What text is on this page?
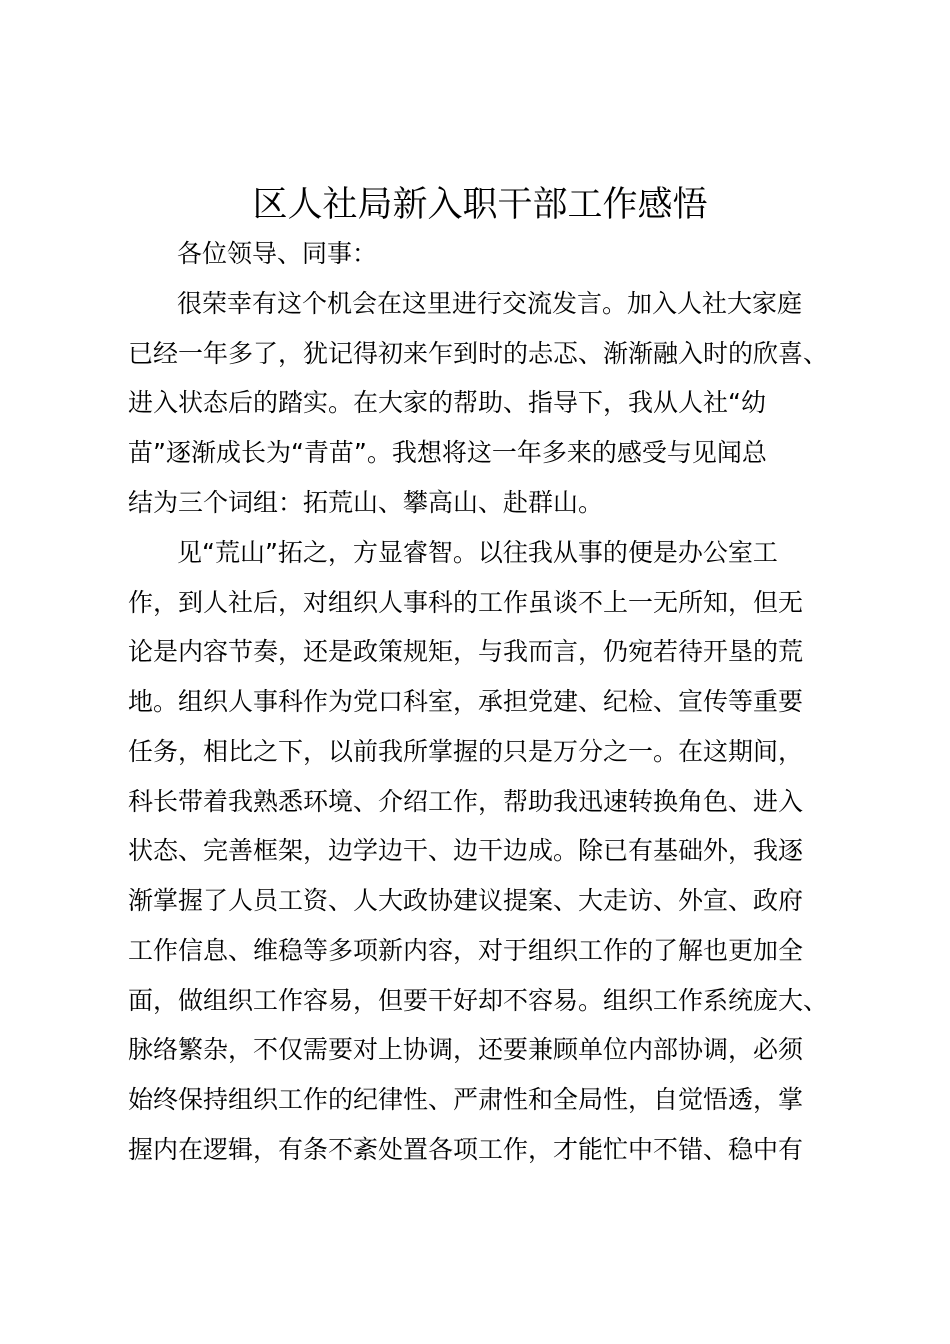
区人社局新入职干部工作感悟
各位领导、同事：
很荣幸有这个机会在这里进行交流发言。加入人社大家庭
已经一年多了，犹记得初来乍到时的忐忑、渐渐融入时的欣喜、
进入状态后的踏实。在大家的帮助、指导下，我从人社“幼
苗”逐渐成长为“青苗”。我想将这一年多来的感受与见闻总
结为三个词组：拓荒山、攀高山、赴群山。
见“荒山”拓之，方显睿智。以往我从事的便是办公室工
作，到人社后，对组织人事科的工作虽谈不上一无所知，但无
论是内容节奏，还是政策规矩，与我而言，仍宛若待开垦的荒
地。组织人事科作为党口科室，承担党建、纪检、宣传等重要
任务，相比之下，以前我所掌握的只是万分之一。在这期间，
科长带着我熟悉环境、介绍工作，帮助我迅速转换角色、进入
状态、完善框架，边学边干、边干边成。除已有基础外，我逐
渐掌握了人员工资、人大政协建议提案、大走访、外宣、政府
工作信息、维稳等多项新内容，对于组织工作的了解也更加全
面，做组织工作容易，但要干好却不容易。组织工作系统庞大、
脉络繁杂，不仅需要对上协调，还要兼顾单位内部协调，必须
始终保持组织工作的纪律性、严肃性和全局性，自觉悟透，掌
握内在逻辑，有条不紊处置各项工作，才能忙中不错、稳中有
